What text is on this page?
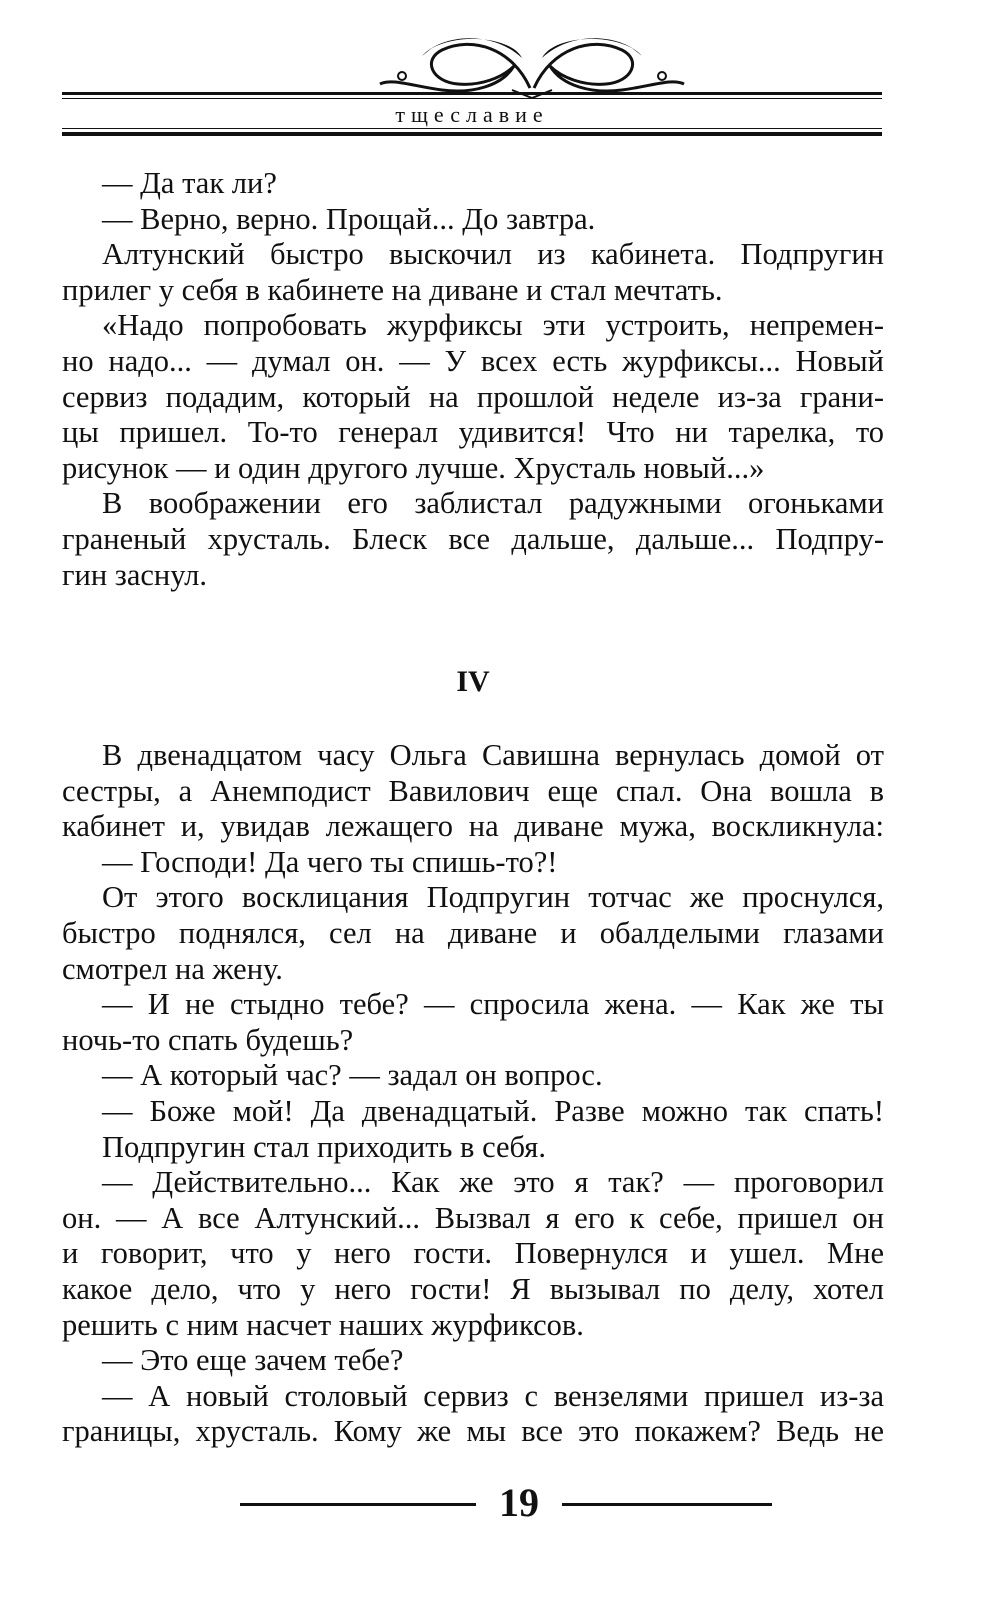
тщеславие
— Да так ли?
— Верно, верно. Прощай... До завтра.
Алтунский быстро выскочил из кабинета. Подпругин
прилег у себя в кабинете на диване и стал мечтать.
«Надо попробовать журфиксы эти устроить, непремен-
но надо... — думал он. — У всех есть журфиксы... Новый
сервиз подадим, который на прошлой неделе из-за грани-
цы пришел. То-то генерал удивится! Что ни тарелка, то
рисунок — и один другого лучше. Хрусталь новый...»
В воображении его заблистал радужными огоньками
граненый хрусталь. Блеск все дальше, дальше... Подпру-
гин заснул.
IV
В двенадцатом часу Ольга Савишна вернулась домой от
сестры, а Анемподист Вавилович еще спал. Она вошла в
кабинет и, увидав лежащего на диване мужа, воскликнула:
— Господи! Да чего ты спишь-то?!
От этого восклицания Подпругин тотчас же проснулся,
быстро поднялся, сел на диване и обалделыми глазами
смотрел на жену.
— И не стыдно тебе? — спросила жена. — Как же ты
ночь-то спать будешь?
— А который час? — задал он вопрос.
— Боже мой! Да двенадцатый. Разве можно так спать!
Подпругин стал приходить в себя.
— Действительно... Как же это я так? — проговорил
он. — А все Алтунский... Вызвал я его к себе, пришел он
и говорит, что у него гости. Повернулся и ушел. Мне
какое дело, что у него гости! Я вызывал по делу, хотел
решить с ним насчет наших журфиксов.
— Это еще зачем тебе?
— А новый столовый сервиз с вензелями пришел из-за
границы, хрусталь. Кому же мы все это покажем? Ведь не
19
